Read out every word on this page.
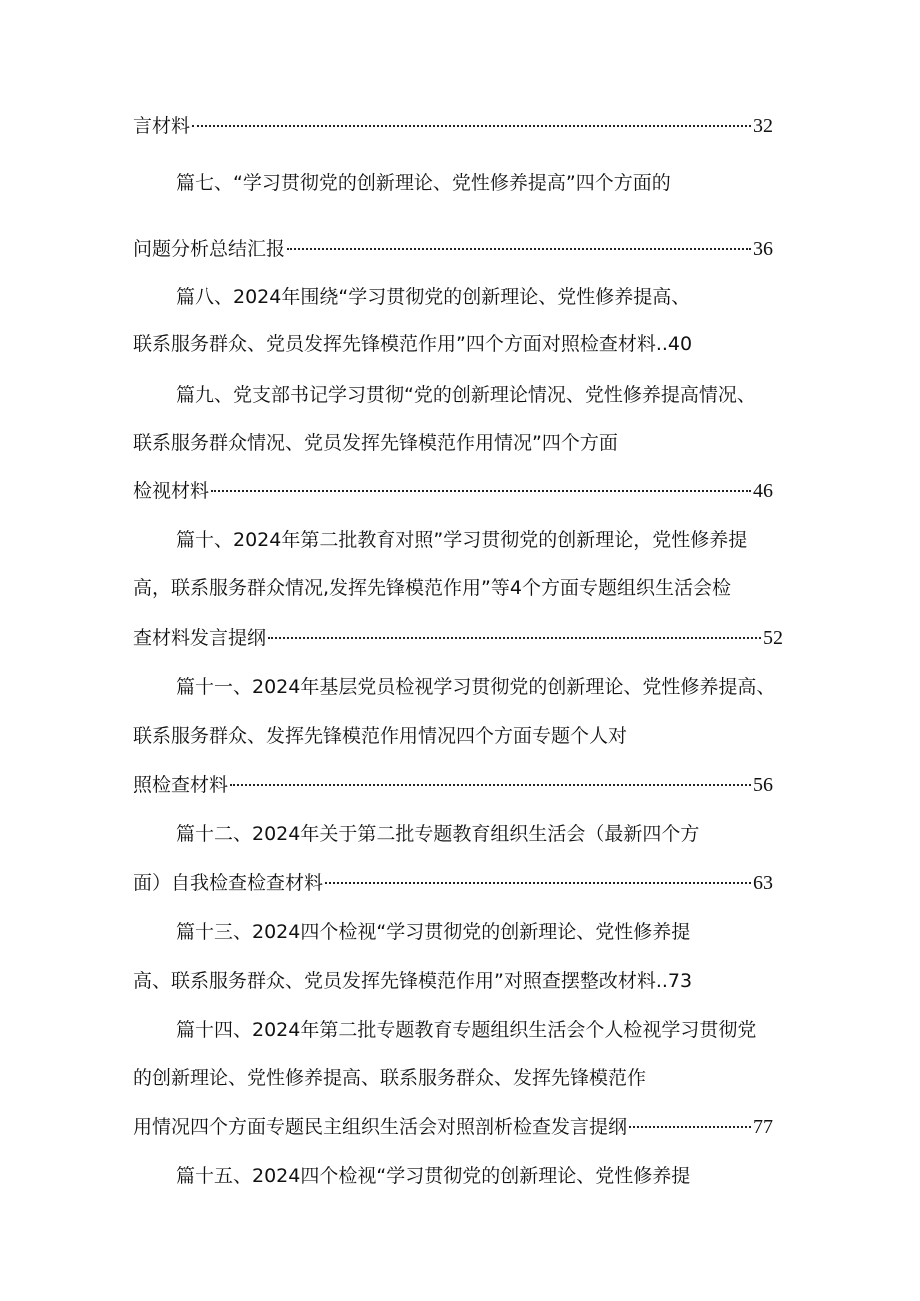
言材料	32
篇七、“学习贯彻党的创新理论、党性修养提高”四个方面的
问题分析总结汇报	36
篇八、2024年围绕“学习贯彻党的创新理论、党性修养提高、
联系服务群众、党员发挥先锋模范作用”四个方面对照检查材料..40
篇九、党支部书记学习贯彻“党的创新理论情况、党性修养提高情况、
联系服务群众情况、党员发挥先锋模范作用情况”四个方面
检视材料	46
篇十、2024年第二批教育对照”学习贯彻党的创新理论，党性修养提
高，联系服务群众情况,发挥先锋模范作用”等4个方面专题组织生活会检
查材料发言提纲	52
篇十一、2024年基层党员检视学习贯彻党的创新理论、党性修养提高、
联系服务群众、发挥先锋模范作用情况四个方面专题个人对
照检查材料	56
篇十二、2024年关于第二批专题教育组织生活会（最新四个方
面）自我检查检查材料	63
篇十三、2024四个检视“学习贯彻党的创新理论、党性修养提
高、联系服务群众、党员发挥先锋模范作用”对照查摆整改材料..73
篇十四、2024年第二批专题教育专题组织生活会个人检视学习贯彻党
的创新理论、党性修养提高、联系服务群众、发挥先锋模范作
用情况四个方面专题民主组织生活会对照剖析检查发言提纲	77
篇十五、2024四个检视“学习贯彻党的创新理论、党性修养提
